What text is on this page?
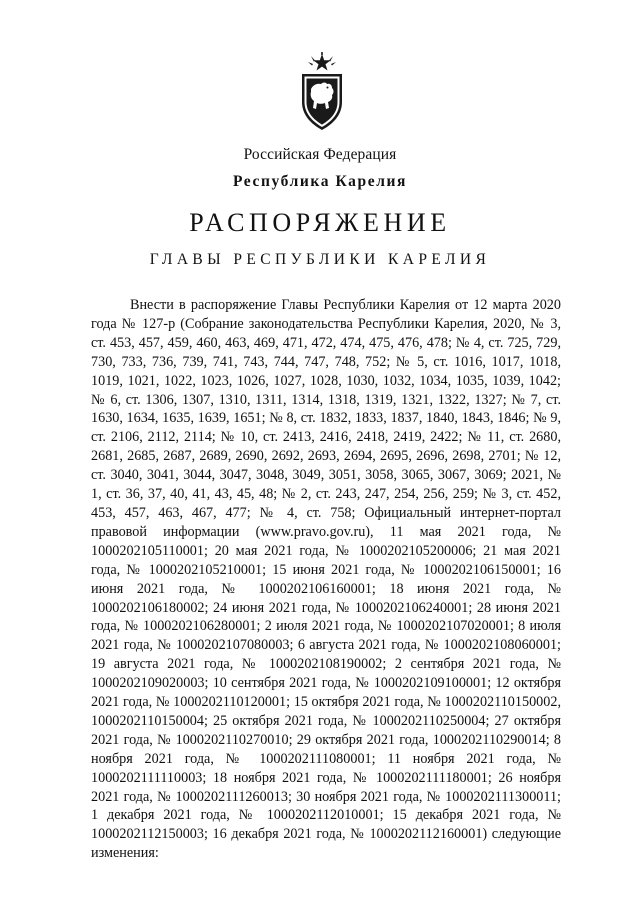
Российская Федерация
Республика Карелия
РАСПОРЯЖЕНИЕ
ГЛАВЫ РЕСПУБЛИКИ КАРЕЛИЯ

Внести в распоряжение Главы Республики Карелия от 12 марта 2020 года № 127-р (Собрание законодательства Республики Карелия, 2020, № 3, ст. 453, 457, 459, 460, 463, 469, 471, 472, 474, 475, 476, 478; № 4, ст. 725, 729, 730, 733, 736, 739, 741, 743, 744, 747, 748, 752; № 5, ст. 1016, 1017, 1018, 1019, 1021, 1022, 1023, 1026, 1027, 1028, 1030, 1032, 1034, 1035, 1039, 1042; № 6, ст. 1306, 1307, 1310, 1311, 1314, 1318, 1319, 1321, 1322, 1327; № 7, ст. 1630, 1634, 1635, 1639, 1651; № 8, ст. 1832, 1833, 1837, 1840, 1843, 1846; № 9, ст. 2106, 2112, 2114; № 10, ст. 2413, 2416, 2418, 2419, 2422; № 11, ст. 2680, 2681, 2685, 2687, 2689, 2690, 2692, 2693, 2694, 2695, 2696, 2698, 2701; № 12, ст. 3040, 3041, 3044, 3047, 3048, 3049, 3051, 3058, 3065, 3067, 3069; 2021, № 1, ст. 36, 37, 40, 41, 43, 45, 48; № 2, ст. 243, 247, 254, 256, 259; № 3, ст. 452, 453, 457, 463, 467, 477; № 4, ст. 758; Официальный интернет-портал правовой информации (www.pravo.gov.ru), 11 мая 2021 года, № 1000202105110001; 20 мая 2021 года, № 1000202105200006; 21 мая 2021 года, № 1000202105210001; 15 июня 2021 года, № 1000202106150001; 16 июня 2021 года, № 1000202106160001; 18 июня 2021 года, № 1000202106180002; 24 июня 2021 года, № 1000202106240001; 28 июня 2021 года, № 1000202106280001; 2 июля 2021 года, № 1000202107020001; 8 июля 2021 года, № 1000202107080003; 6 августа 2021 года, № 1000202108060001; 19 августа 2021 года, № 1000202108190002; 2 сентября 2021 года, № 1000202109020003; 10 сентября 2021 года, № 1000202109100001; 12 октября 2021 года, № 1000202110120001; 15 октября 2021 года, № 1000202110150002, 1000202110150004; 25 октября 2021 года, № 1000202110250004; 27 октября 2021 года, № 1000202110270010; 29 октября 2021 года, 1000202110290014; 8 ноября 2021 года, № 1000202111080001; 11 ноября 2021 года, № 1000202111110003; 18 ноября 2021 года, № 1000202111180001; 26 ноября 2021 года, № 1000202111260013; 30 ноября 2021 года, № 1000202111300011; 1 декабря 2021 года, № 1000202112010001; 15 декабря 2021 года, № 1000202112150003; 16 декабря 2021 года, № 1000202112160001) следующие изменения:
